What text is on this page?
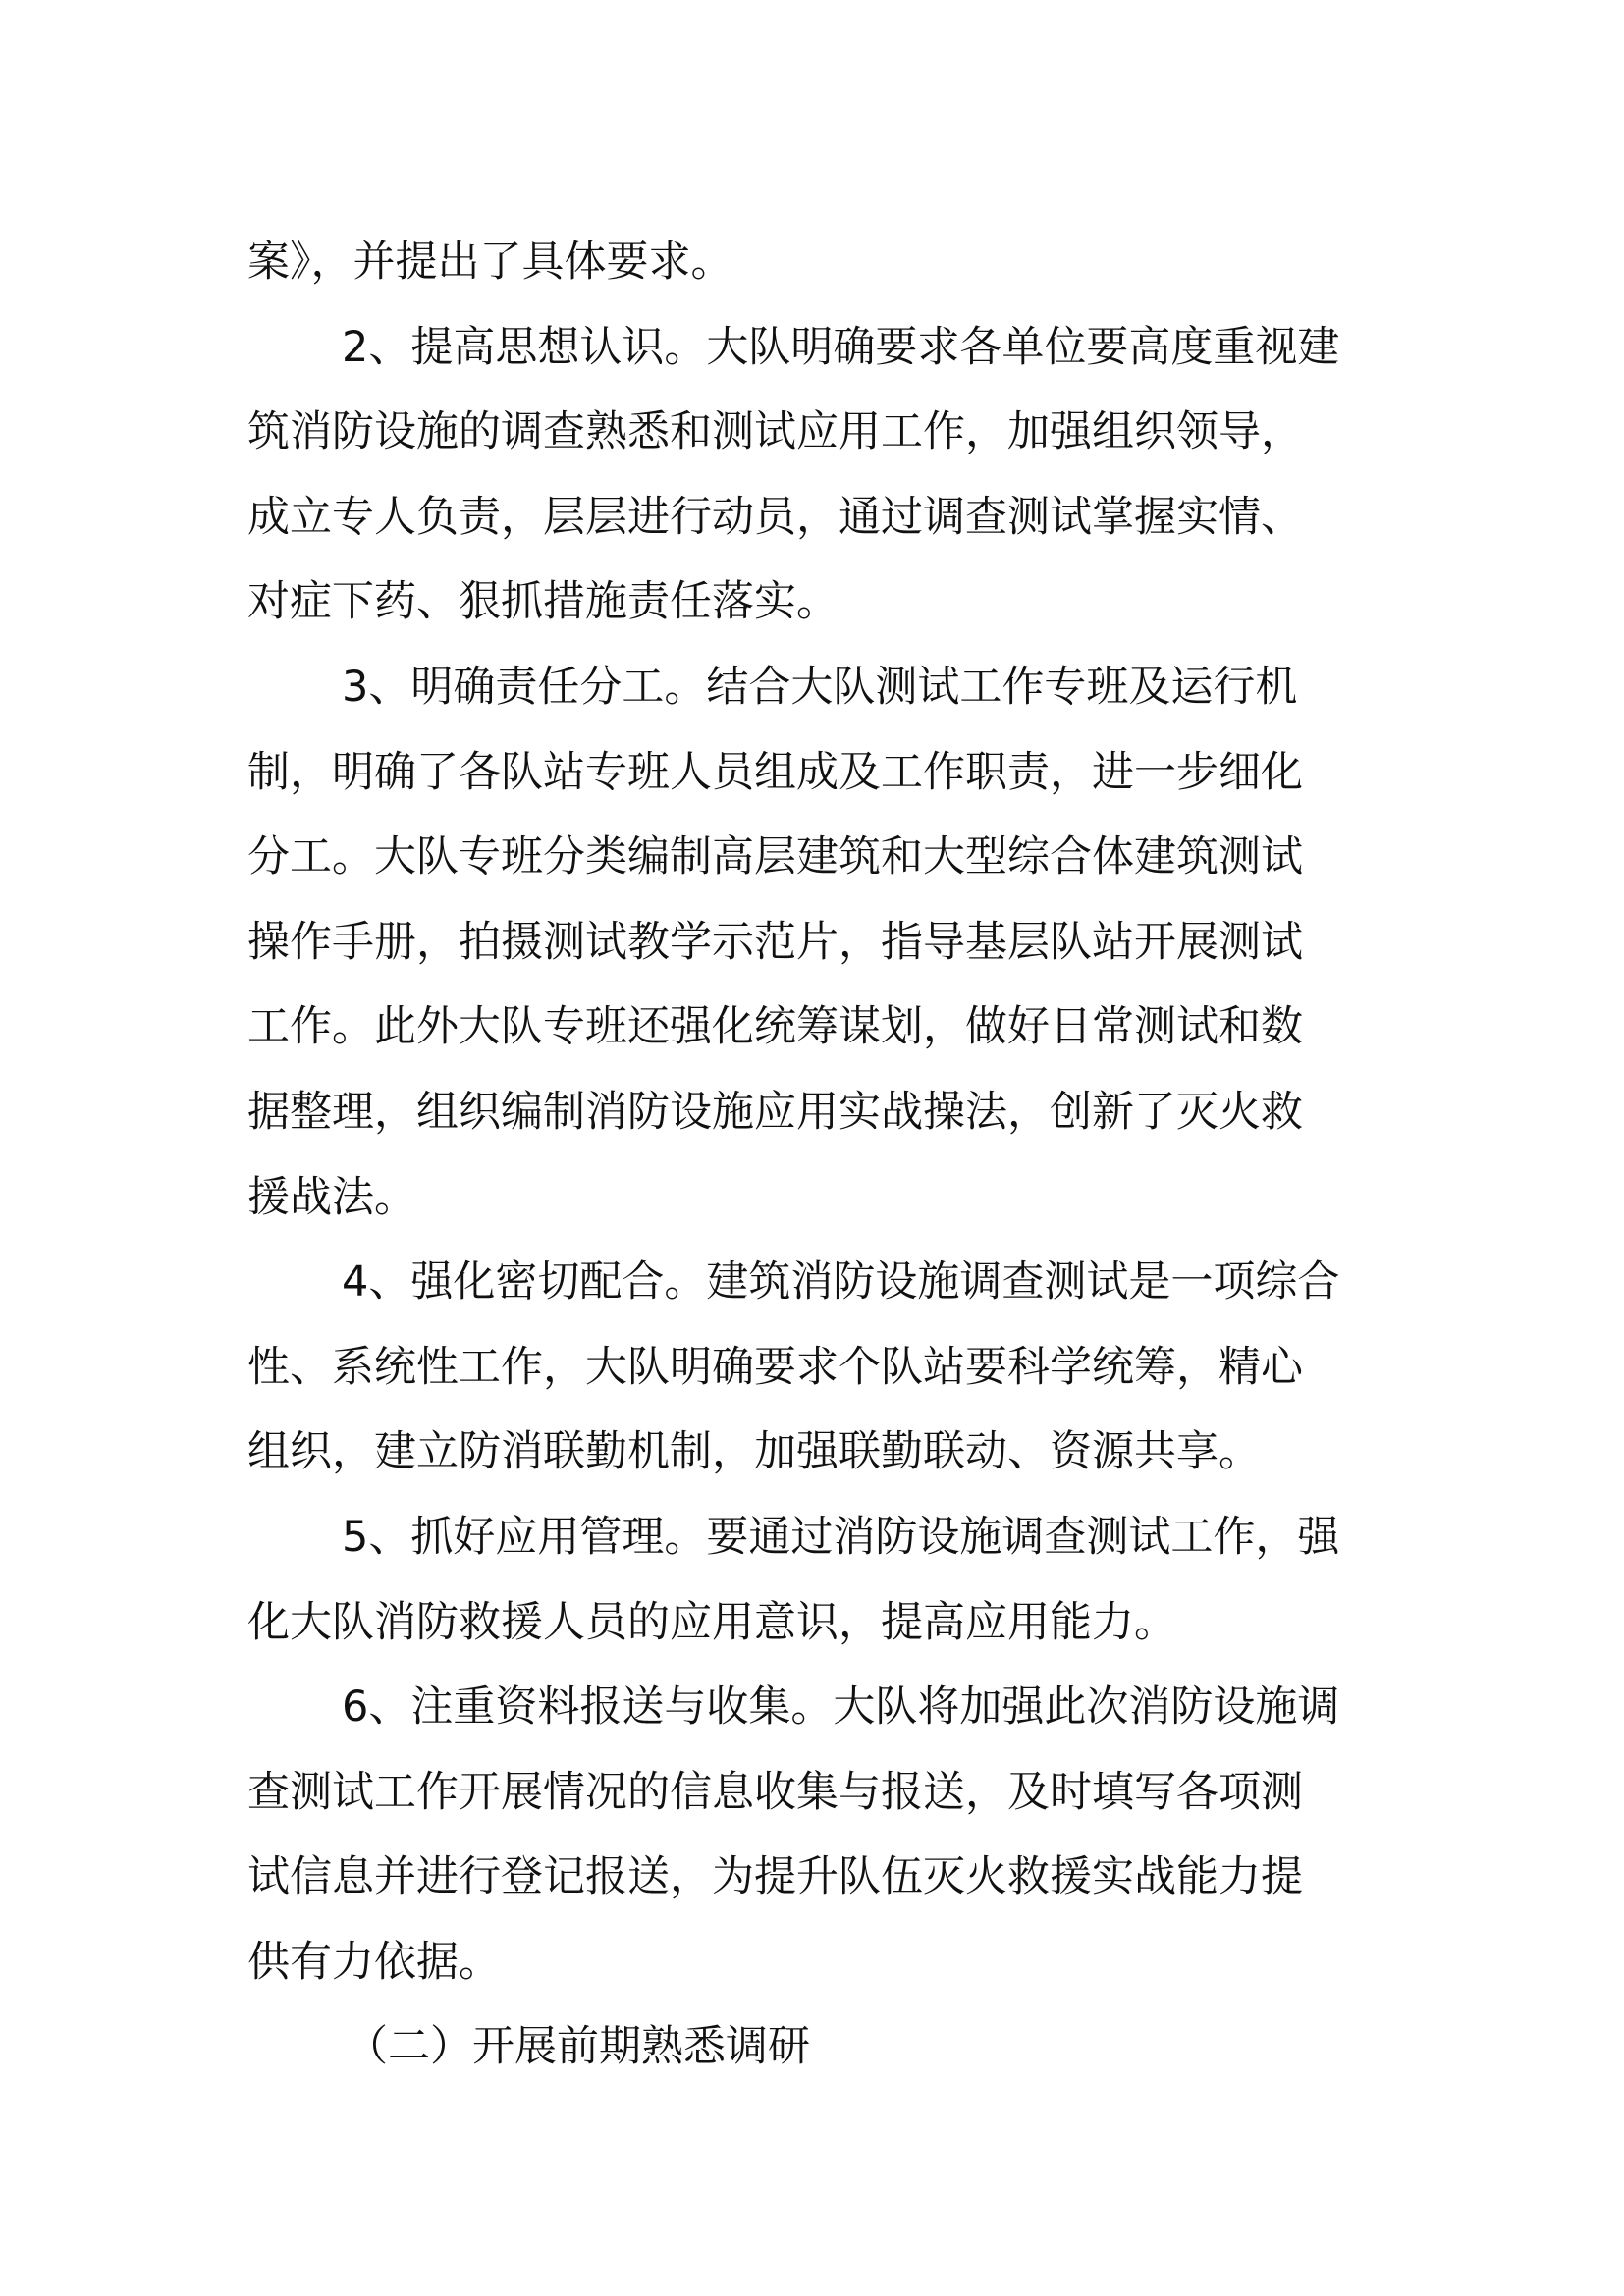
案》，并提出了具体要求。
2、提高思想认识。大队明确要求各单位要高度重视建
筑消防设施的调查熟悉和测试应用工作，加强组织领导，
成立专人负责，层层进行动员，通过调查测试掌握实情、
对症下药、狠抓措施责任落实。
3、明确责任分工。结合大队测试工作专班及运行机
制，明确了各队站专班人员组成及工作职责，进一步细化
分工。大队专班分类编制高层建筑和大型综合体建筑测试
操作手册，拍摄测试教学示范片，指导基层队站开展测试
工作。此外大队专班还强化统筹谋划，做好日常测试和数
据整理，组织编制消防设施应用实战操法，创新了灭火救
援战法。
4、强化密切配合。建筑消防设施调查测试是一项综合
性、系统性工作，大队明确要求个队站要科学统筹，精心
组织，建立防消联勤机制，加强联勤联动、资源共享。
5、抓好应用管理。要通过消防设施调查测试工作，强
化大队消防救援人员的应用意识，提高应用能力。
6、注重资料报送与收集。大队将加强此次消防设施调
查测试工作开展情况的信息收集与报送，及时填写各项测
试信息并进行登记报送，为提升队伍灭火救援实战能力提
供有力依据。
（二）开展前期熟悉调研
